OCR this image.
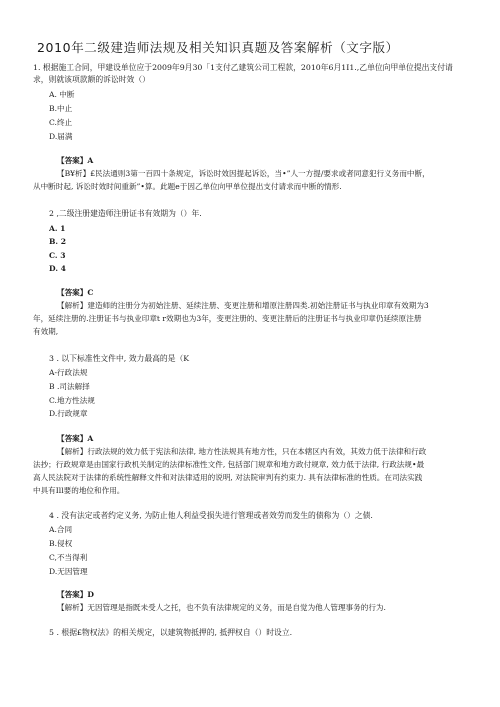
2010年二级建造师法规及相关知识真题及答案解析（文字版）
1. 根据施工合同，甲建设单位应于2009年9月30「1支付乙建筑公司工程款，2010年6月1I1.,乙单位向甲单位提出支付请
求，则就该项款额的诉讼时效（）
A. 中断
B.中止
C.终止
D.届满
【答案】A
【B¥析】£民法通则3第一百四十条规定，诉讼时效因提起诉讼，当•”人一方提/要求或者同意犯行义务而中断，
从中断时起, 诉讼时效时间重新”•算。此题e于因乙单位向甲单位提出支付请求而中断的情形.
2 ,二级注册建造师注册证书有效期为（）年.
A. 1
B. 2
C. 3
D. 4
【答案】C
【解析】建造师的注册分为初始注册、延续注册、变更注册和增原注册四类.初始注册证书与执业印章有效期为3
年，延续注册的.注册证书与执业印章t r效期也为3年，变更注册的、变更注册后的注册证书与执业印章仍延续原注册
有效期,
3 . 以下标准性文件中, 效力最高的是（K
A-行政法规
B .司法解择
C.地方性法规
D.行政规章
【答案】A
【解析】行政法规的效力低于宪法和法律, 地方性法规具有地方性，只在本辖区内有效，其效力低于法律和行政
法抄；行政规章是由国家行政机关制定的法律标准性文件, 包括部门规章和地方政付规章, 效力低于法律, 行政法规•最
高人民法院对于法律的系统性解释文件和对法律适用的说明, 对法院审判有约束力. 具有法律标准的性质。在司法实践
中具有Ill要的地位和作用。
4 . 没有法定或者约定义务, 为防止他人利益受损失进行管理或者效劳而发生的债称为（）之债.
A.合同
B.侵权
C,不当得利
D.无因管理
【答案】D
【解析】无因管理是指既未受人之托，也不负有法律规定的义务，而是自觉为他人管理事务的行为.
5 . 根据£物权法》的相关规定，以建筑物抵押的, 抵押权自（）时设立.
